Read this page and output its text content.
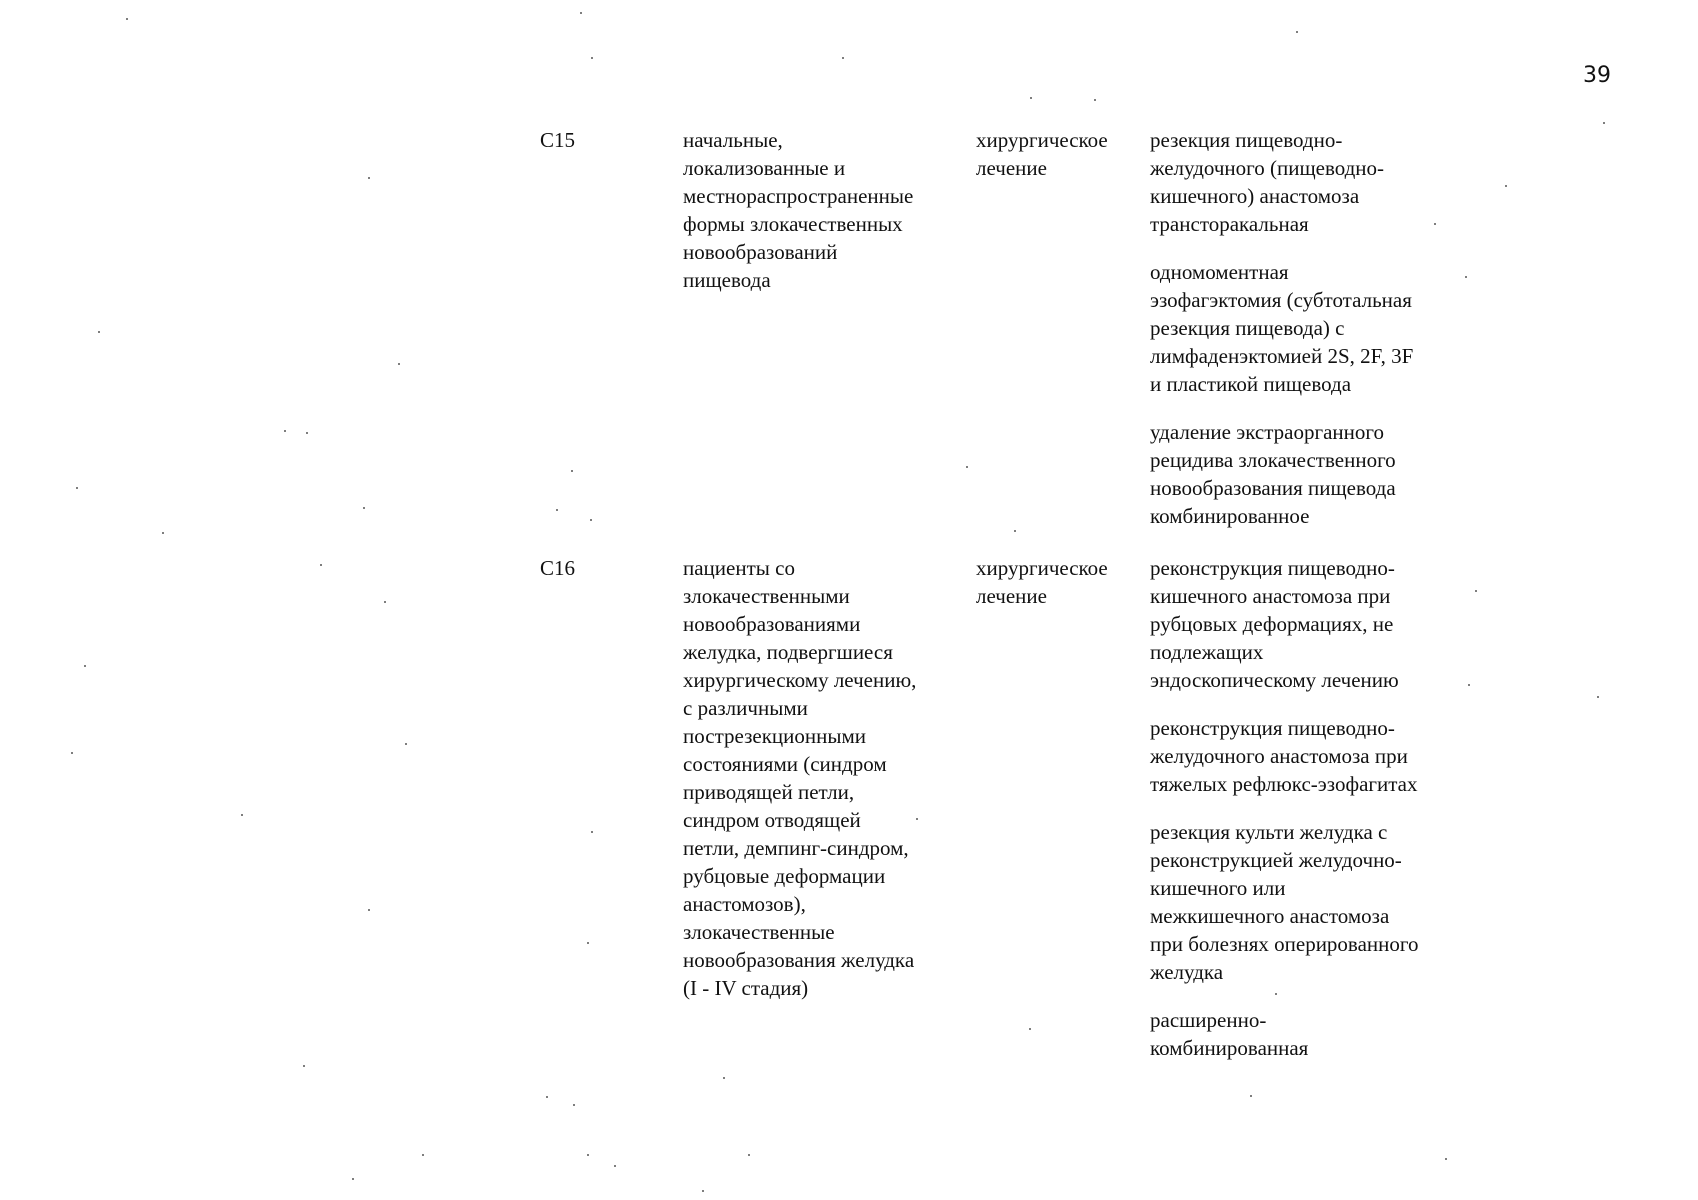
39
C15	начальные,
локализованные и
местнораспространенные
формы злокачественных
новообразований
пищевода
хирургическое
лечение
резекция пищеводно-
желудочного (пищеводно-
кишечного) анастомоза
трансторакальная
одномоментная
эзофагэктомия (субтотальная
резекция пищевода) с
лимфаденэктомией 2S, 2F, 3F
и пластикой пищевода
удаление экстраорганного
рецидива злокачественного
новообразования пищевода
комбинированное
C16	пациенты со
злокачественными
новообразованиями
желудка, подвергшиеся
хирургическому лечению,
с различными
пострезекционными
состояниями (синдром
приводящей петли,
синдром отводящей
петли, демпинг-синдром,
рубцовые деформации
анастомозов),
злокачественные
новообразования желудка
(I - IV стадия)
хирургическое
лечение
реконструкция пищеводно-
кишечного анастомоза при
рубцовых деформациях, не
подлежащих
эндоскопическому лечению
реконструкция пищеводно-
желудочного анастомоза при
тяжелых рефлюкс-эзофагитах
резекция культи желудка с
реконструкцией желудочно-
кишечного или
межкишечного анастомоза
при болезнях оперированного
желудка
расширенно-
комбинированная
